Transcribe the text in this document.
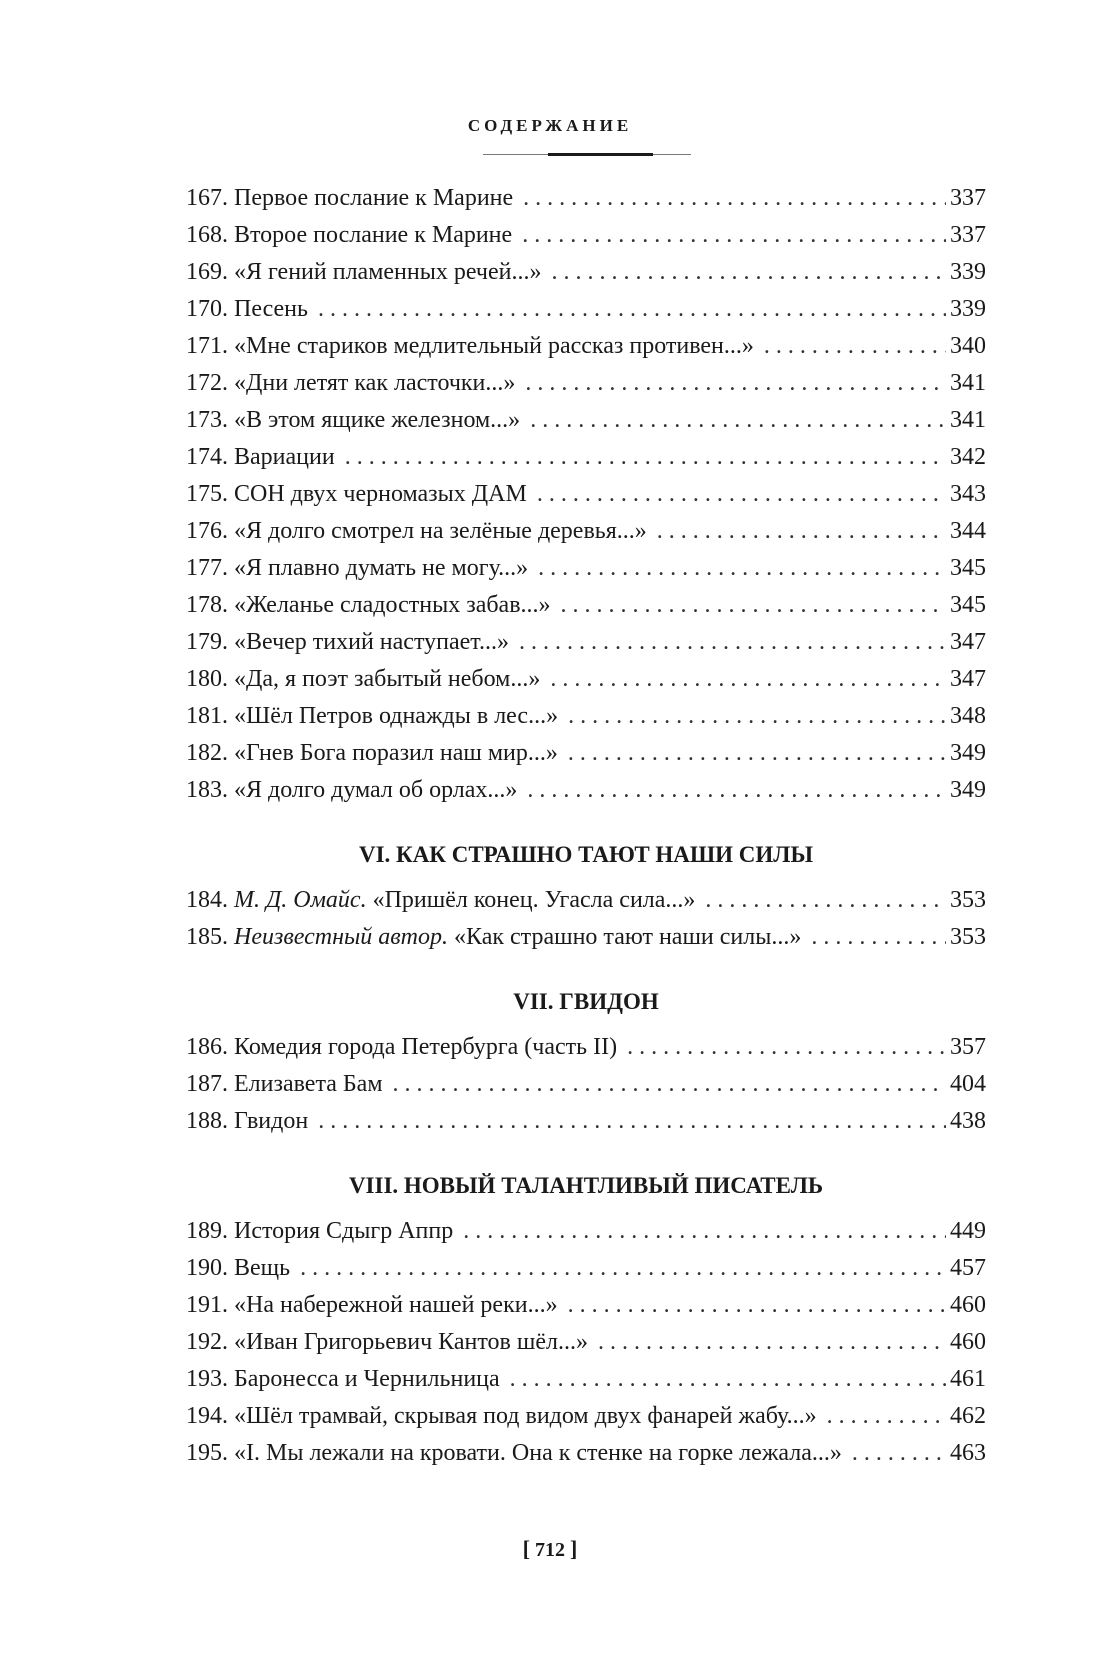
СОДЕРЖАНИЕ
167. Первое послание к Марине . . .	337
168. Второе послание к Марине . . .	337
169. «Я гений пламенных речей...» . . .	339
170. Песень . . .	339
171. «Мне стариков медлительный рассказ противен...» . . .	340
172. «Дни летят как ласточки...» . . .	341
173. «В этом ящике железном...» . . .	341
174. Вариации . . .	342
175. СОН двух черномазых ДАМ . . .	343
176. «Я долго смотрел на зелёные деревья...» . . .	344
177. «Я плавно думать не могу...» . . .	345
178. «Желанье сладостных забав...» . . .	345
179. «Вечер тихий наступает...» . . .	347
180. «Да, я поэт забытый небом...» . . .	347
181. «Шёл Петров однажды в лес...» . . .	348
182. «Гнев Бога поразил наш мир...» . . .	349
183. «Я долго думал об орлах...» . . .	349
VI. КАК СТРАШНО ТАЮТ НАШИ СИЛЫ
184. М. Д. Омайс. «Пришёл конец. Угасла сила...» . . .	353
185. Неизвестный автор. «Как страшно тают наши силы...» . . .	353
VII. ГВИДОН
186. Комедия города Петербурга (часть II) . . .	357
187. Елизавета Бам . . .	404
188. Гвидон . . .	438
VIII. НОВЫЙ ТАЛАНТЛИВЫЙ ПИСАТЕЛЬ
189. История Сдыгр Аппр . . .	449
190. Вещь . . .	457
191. «На набережной нашей реки...» . . .	460
192. «Иван Григорьевич Кантов шёл...» . . .	460
193. Баронесса и Чернильница . . .	461
194. «Шёл трамвай, скрывая под видом двух фанарей жабу...» . . .	462
195. «I. Мы лежали на кровати. Она к стенке на горке лежала...» . . .	463
[ 712 ]
